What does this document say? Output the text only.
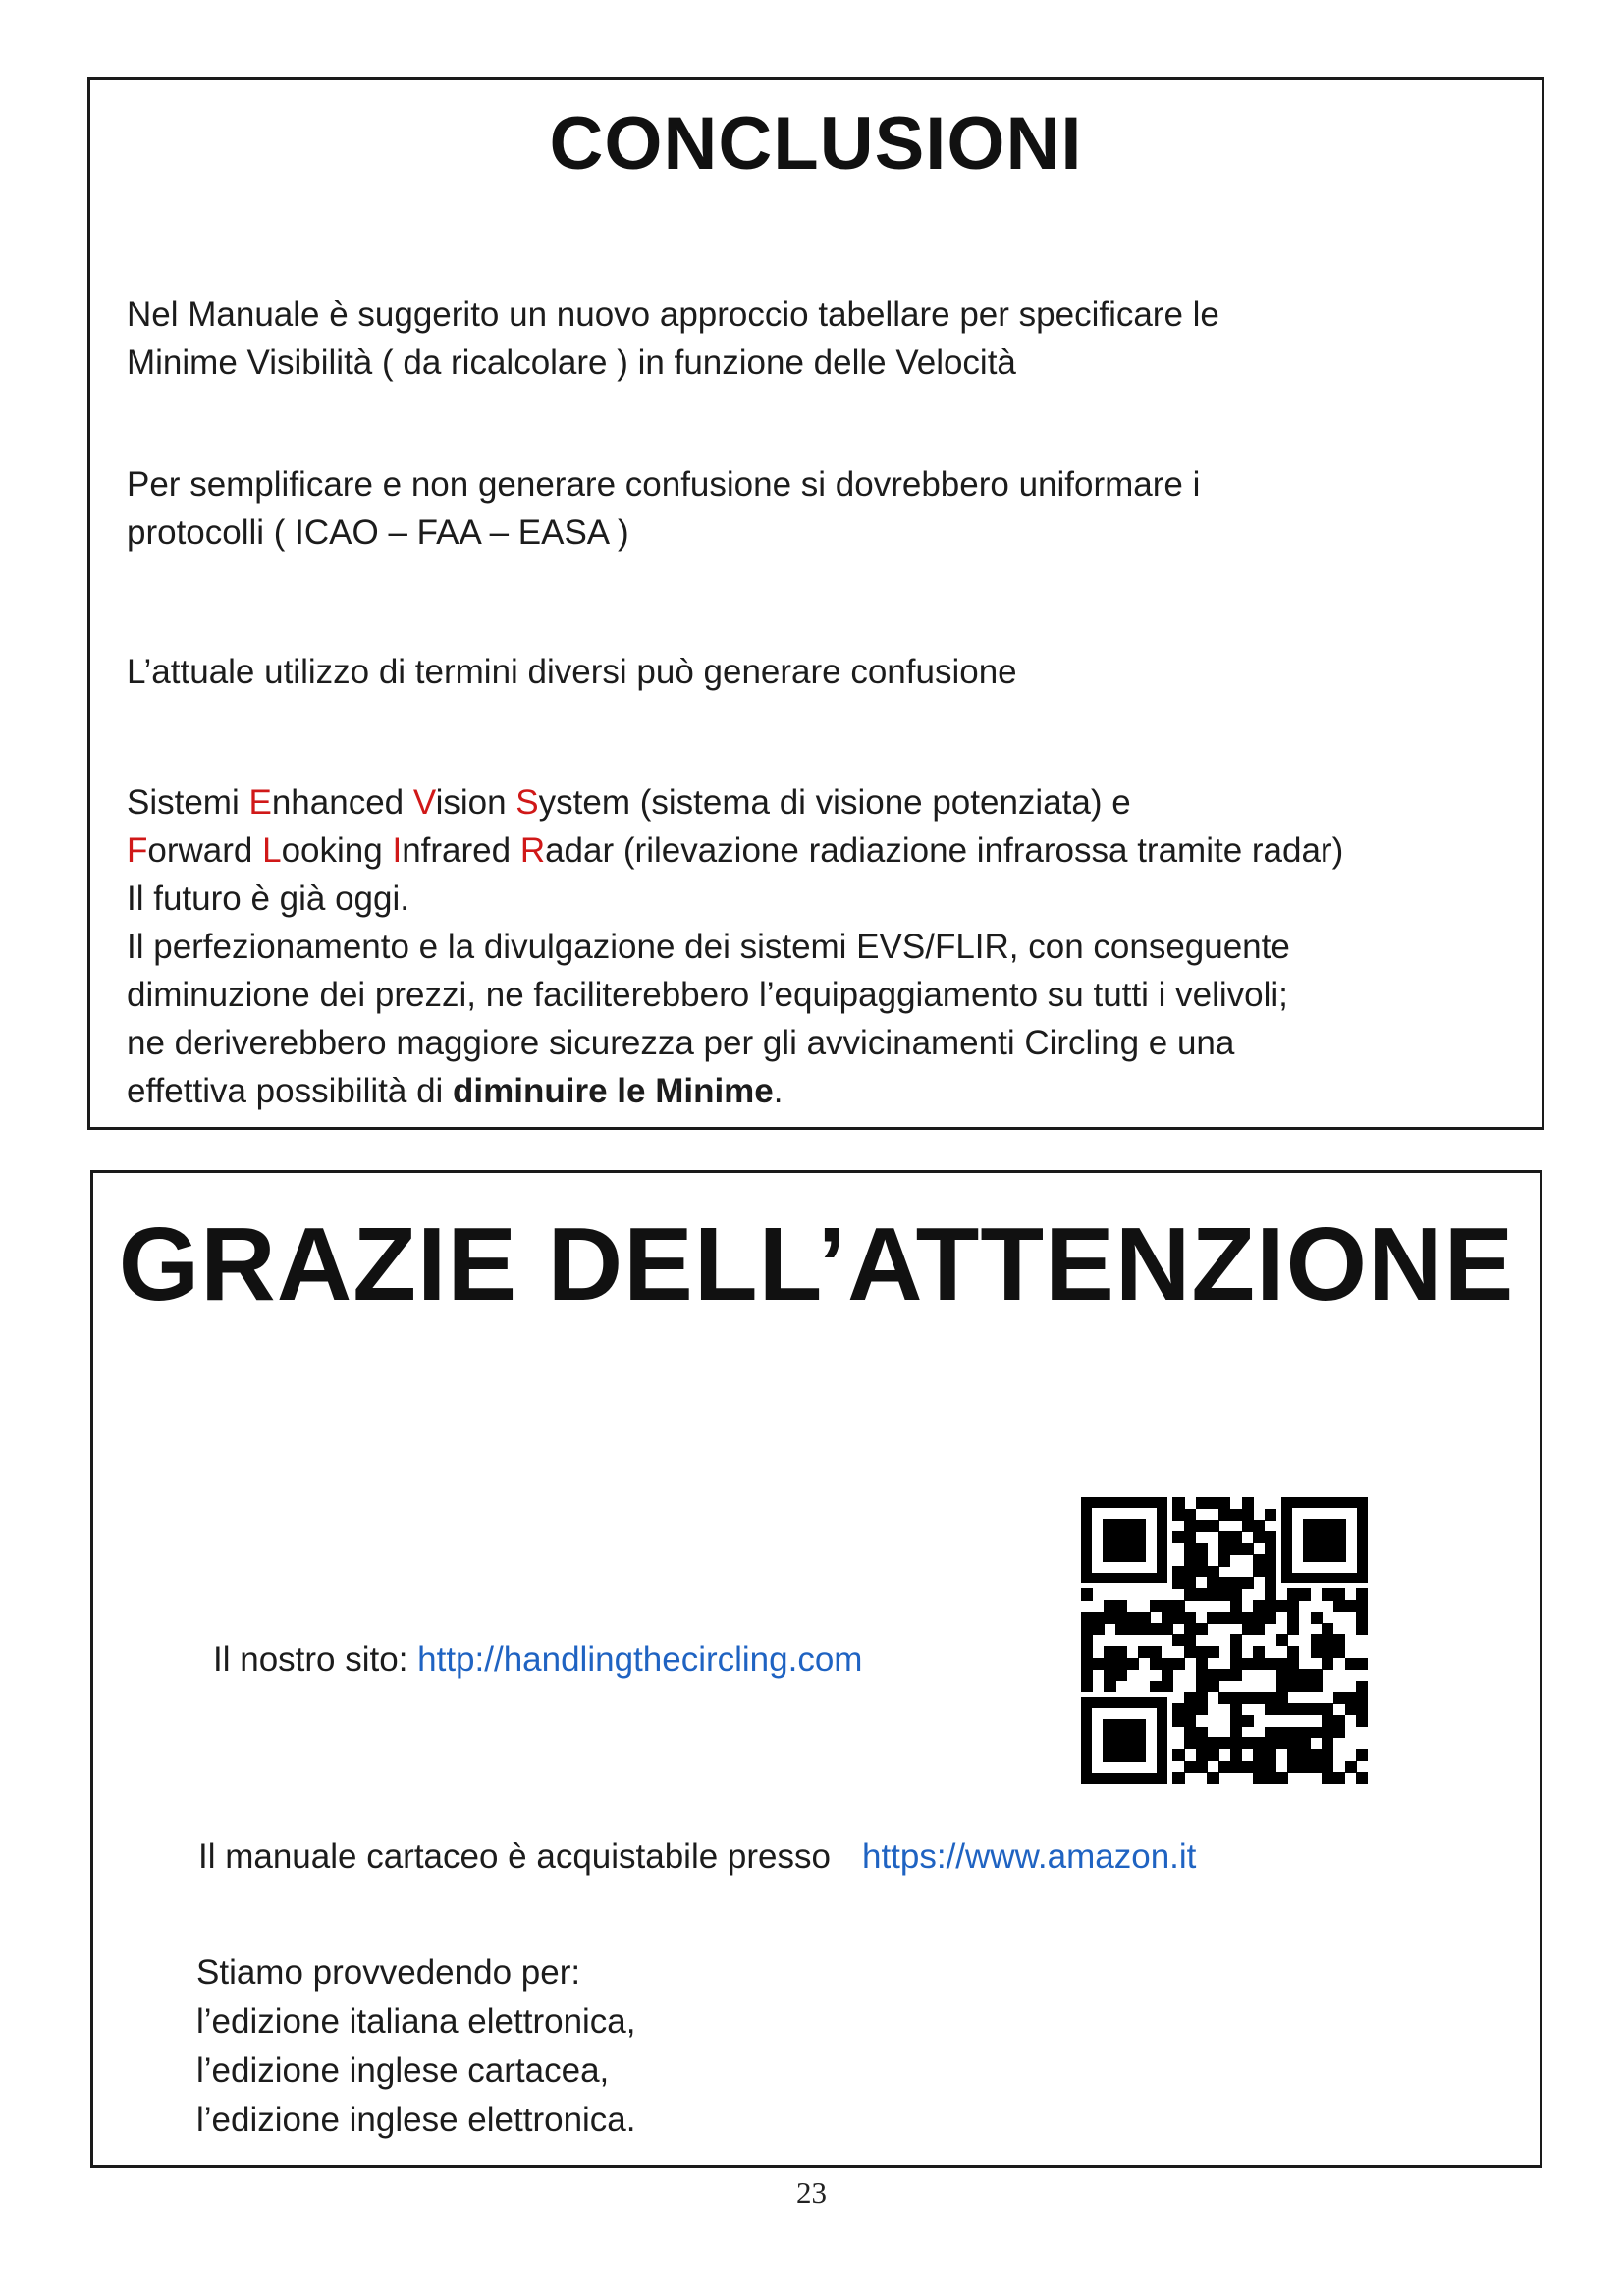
CONCLUSIONI
Nel Manuale è suggerito un nuovo approccio tabellare per specificare le
Minime Visibilità ( da ricalcolare ) in funzione delle Velocità
Per semplificare e non generare confusione si dovrebbero uniformare i
protocolli ( ICAO – FAA – EASA )
L’attuale utilizzo di termini diversi può generare confusione
Sistemi Enhanced Vision System (sistema di visione potenziata) e
Forward Looking Infrared Radar (rilevazione radiazione infrarossa tramite radar)
Il futuro è già oggi.
Il perfezionamento e la divulgazione dei sistemi EVS/FLIR, con conseguente
diminuzione dei prezzi, ne faciliterebbero l’equipaggiamento su tutti i velivoli;
ne deriverebbero maggiore sicurezza per gli avvicinamenti Circling e una
effettiva possibilità di diminuire le Minime.
GRAZIE DELL’ATTENZIONE
Il nostro sito: http://handlingthecircling.com
Il manuale cartaceo è acquistabile presso https://www.amazon.it
Stiamo provvedendo per:
l’edizione italiana elettronica,
l’edizione inglese cartacea,
l’edizione inglese elettronica.
23
